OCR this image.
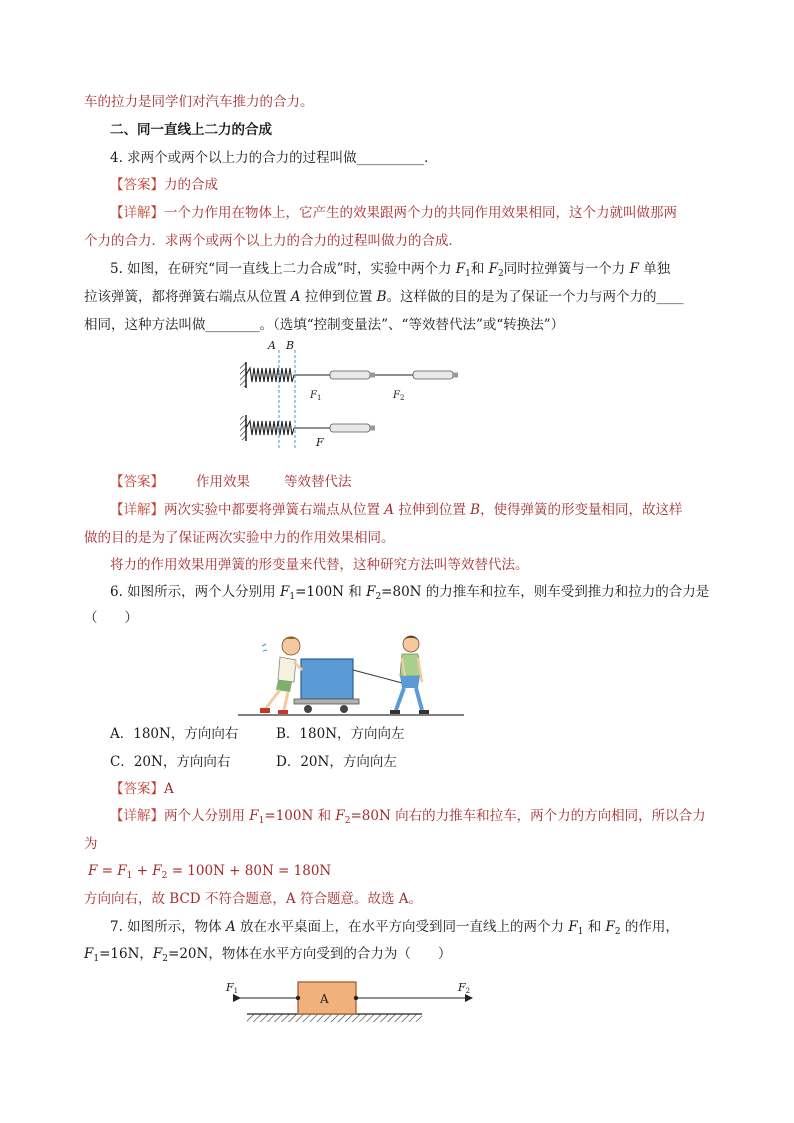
车的拉力是同学们对汽车推力的合力。
二、同一直线上二力的合成
4. 求两个或两个以上力的合力的过程叫做__________．
【答案】力的合成
【详解】一个力作用在物体上，它产生的效果跟两个力的共同作用效果相同，这个力就叫做那两
个力的合力．求两个或两个以上力的合力的过程叫做力的合成．
5. 如图，在研究“同一直线上二力合成”时，实验中两个力 $F_1$和 $F_2$同时拉弹簧与一个力 F 单独
拉该弹簧，都将弹簧右端点从位置 A 拉伸到位置 B。这样做的目的是为了保证一个力与两个力的____
相同，这种方法叫做________。（选填“控制变量法”、“等效替代法”或“转换法”）
A B
$F_1$	$F_2$
F
【答案】 作用效果	等效替代法
【详解】两次实验中都要将弹簧右端点从位置 A 拉伸到位置 B，使得弹簧的形变量相同，故这样
做的目的是为了保证两次实验中力的作用效果相同。
将力的作用效果用弹簧的形变量来代替，这种研究方法叫等效替代法。
6. 如图所示，两个人分别用 $F_1=100N$ 和 $F_2=80N$ 的力推车和拉车，则车受到推力和拉力的合力是
（　　）
A．180N，方向向右	B．180N，方向向左
C．20N，方向向右	D．20N，方向向左
【答案】A
【详解】两个人分别用 $F_1=100N$ 和 $F_2=80N$ 向右的力推车和拉车，两个力的方向相同，所以合力
为
$F = F_1 + F_2 = 100N + 80N = 180N$
方向向右，故 BCD 不符合题意，A 符合题意。故选 A。
7. 如图所示，物体 A 放在水平桌面上，在水平方向受到同一直线上的两个力 $F_1$ 和 $F_2$ 的作用，
$F_1=16N$，$F_2=20N$，物体在水平方向受到的合力为（　　）
A
F1	F2
